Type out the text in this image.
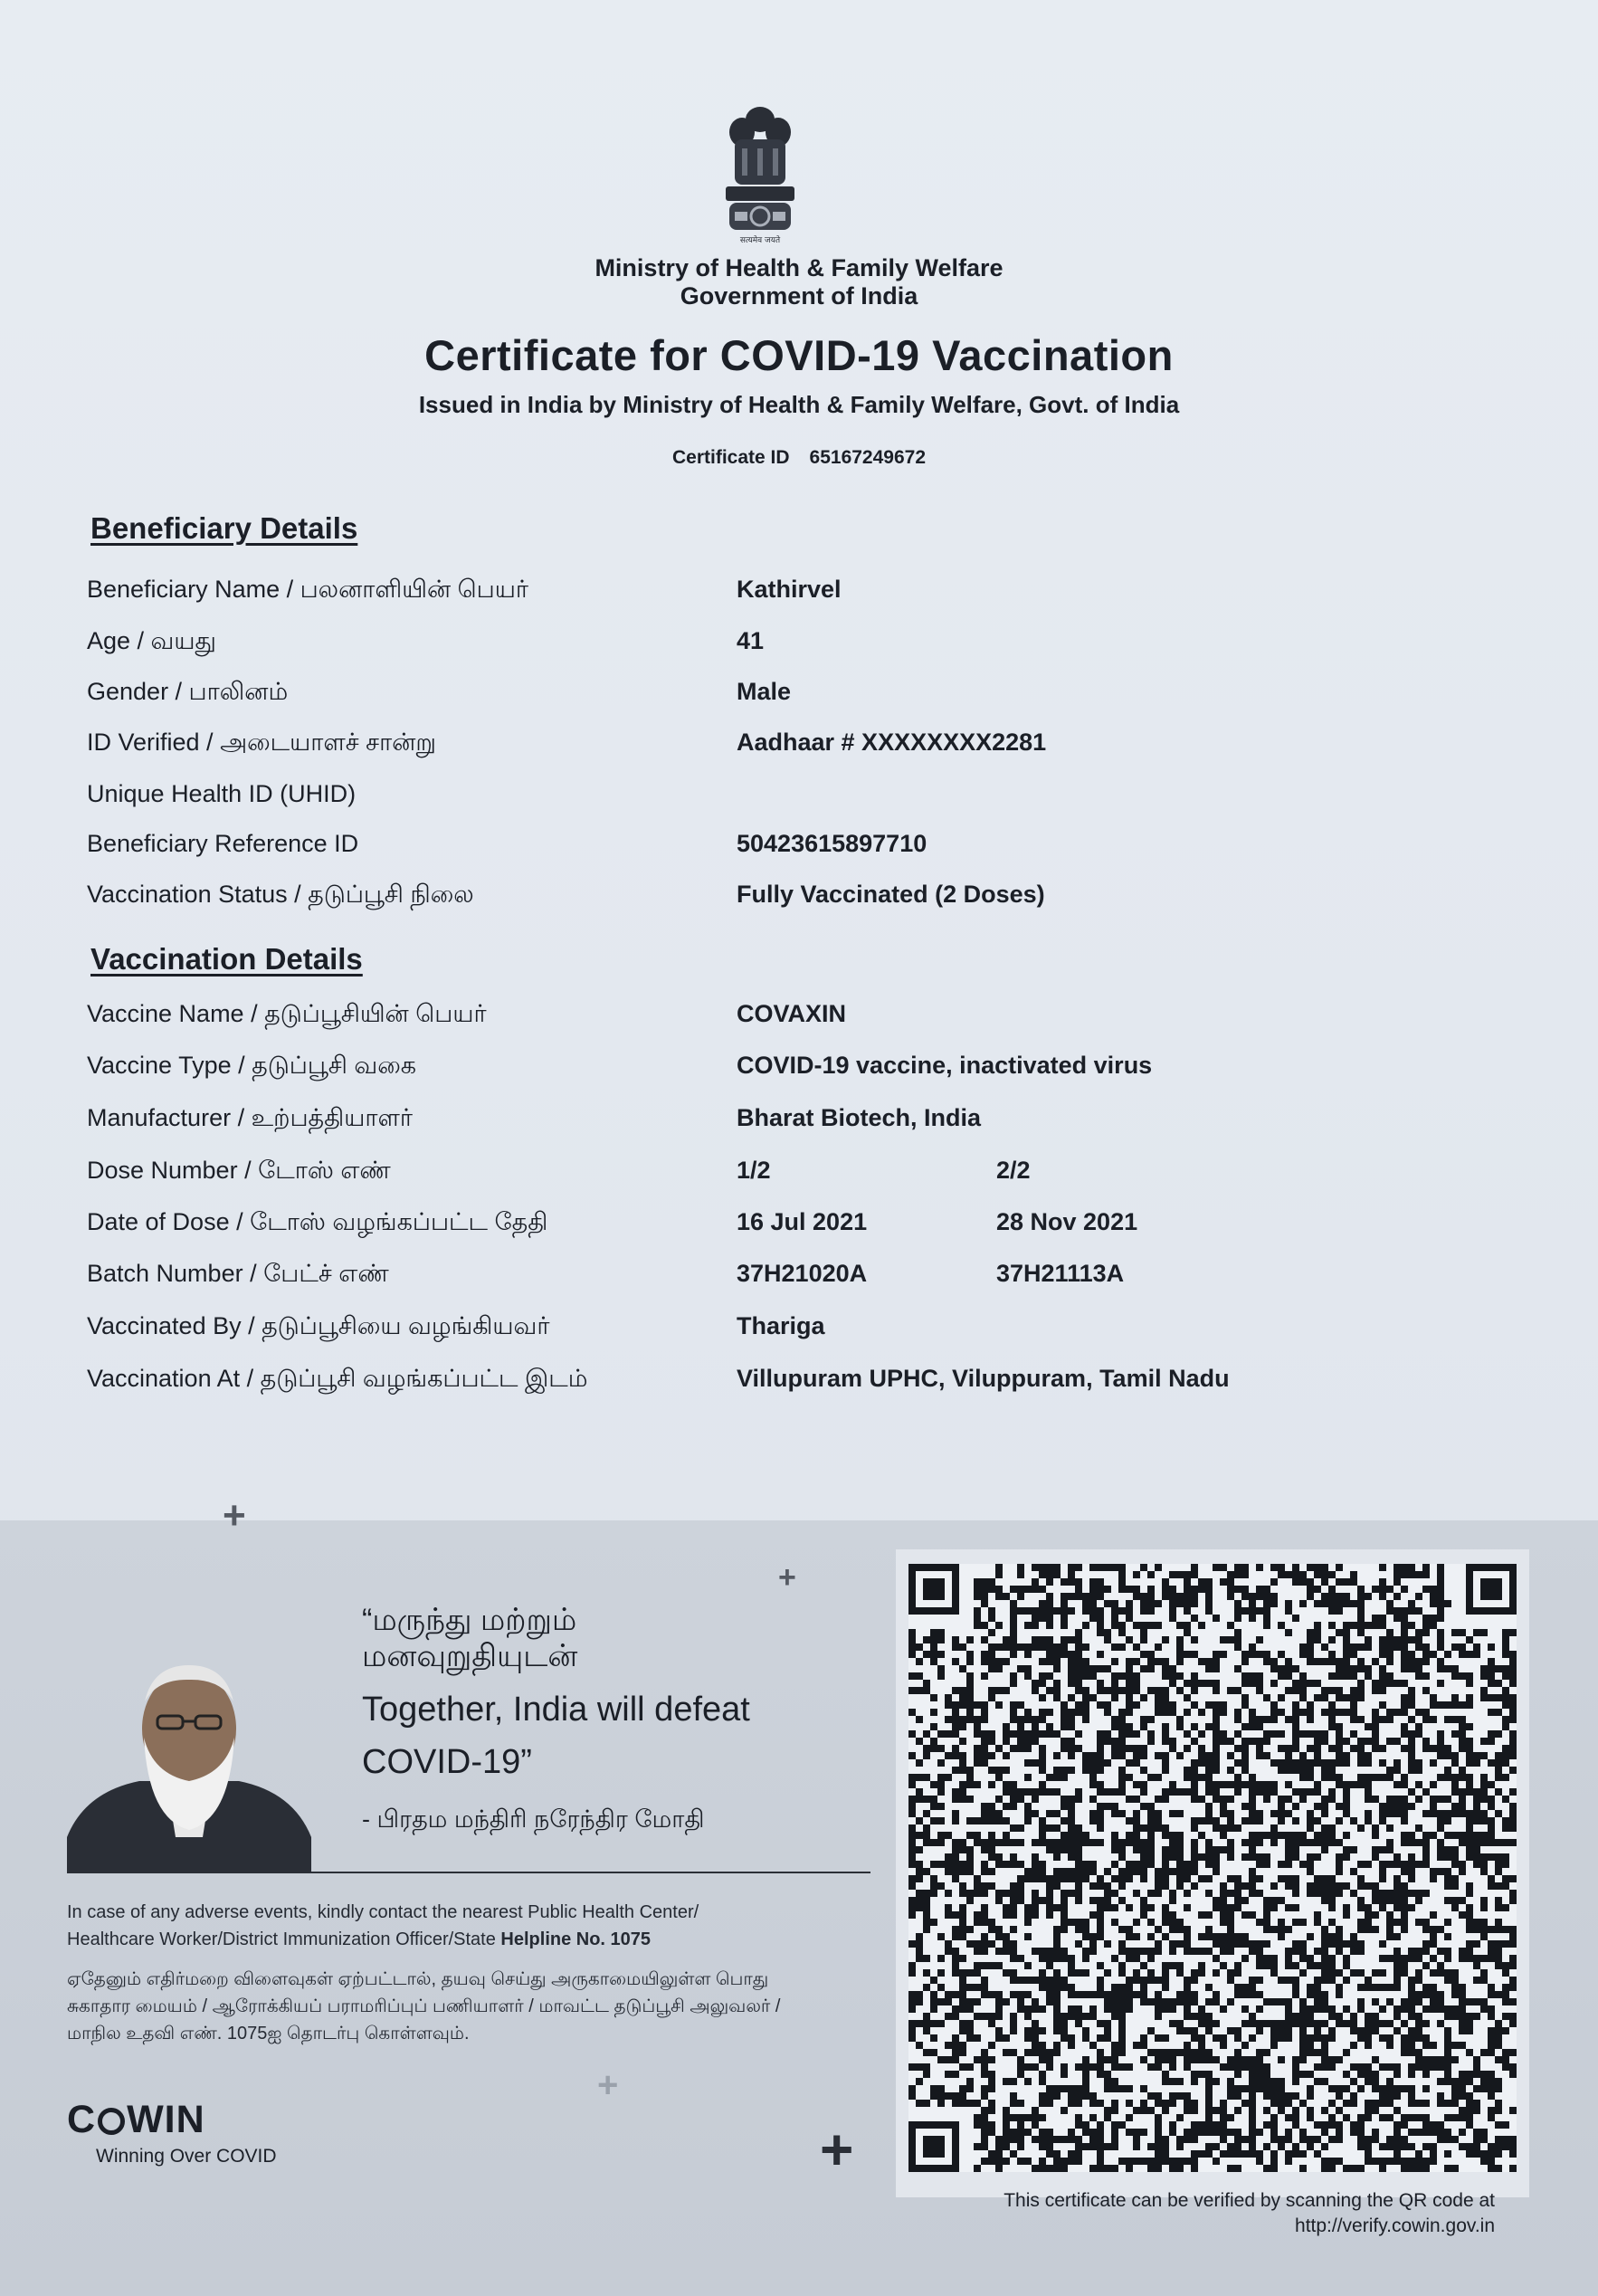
सत्यमेव जयते
Ministry of Health & Family Welfare
Government of India
Certificate for COVID-19 Vaccination
Issued in India by Ministry of Health & Family Welfare, Govt. of India
Certificate ID 65167249672
Beneficiary Details
Beneficiary Name / பலனாளியின் பெயர்	Kathirvel
Age / வயது	41
Gender / பாலினம்	Male
ID Verified / அடையாளச் சான்று	Aadhaar # XXXXXXXX2281
Unique Health ID (UHID)
Beneficiary Reference ID	50423615897710
Vaccination Status / தடுப்பூசி நிலை	Fully Vaccinated (2 Doses)
Vaccination Details
Vaccine Name / தடுப்பூசியின் பெயர்	COVAXIN
Vaccine Type / தடுப்பூசி வகை	COVID-19 vaccine, inactivated virus
Manufacturer / உற்பத்தியாளர்	Bharat Biotech, India
Dose Number / டோஸ் எண்	1/2	2/2
Date of Dose / டோஸ் வழங்கப்பட்ட தேதி	16 Jul 2021	28 Nov 2021
Batch Number / பேட்ச் எண்	37H21020A	37H21113A
Vaccinated By / தடுப்பூசியை வழங்கியவர்	Thariga
Vaccination At / தடுப்பூசி வழங்கப்பட்ட இடம்	Villupuram UPHC, Viluppuram, Tamil Nadu
+
+
+
+
“மருந்து மற்றும்
மனவுறுதியுடன்
Together, India will defeat
COVID-19”
- பிரதம மந்திரி நரேந்திர மோதி
In case of any adverse events, kindly contact the nearest Public Health Center/
Healthcare Worker/District Immunization Officer/State Helpline No. 1075
ஏதேனும் எதிர்மறை விளைவுகள் ஏற்பட்டால், தயவு செய்து அருகாமையிலுள்ள பொது
சுகாதார மையம் / ஆரோக்கியப் பராமரிப்புப் பணியாளர் / மாவட்ட தடுப்பூசி அலுவலர் /
மாநில உதவி எண். 1075ஐ தொடர்பு கொள்ளவும்.
C WIN
Winning Over COVID
This certificate can be verified by scanning the QR code at
http://verify.cowin.gov.in
